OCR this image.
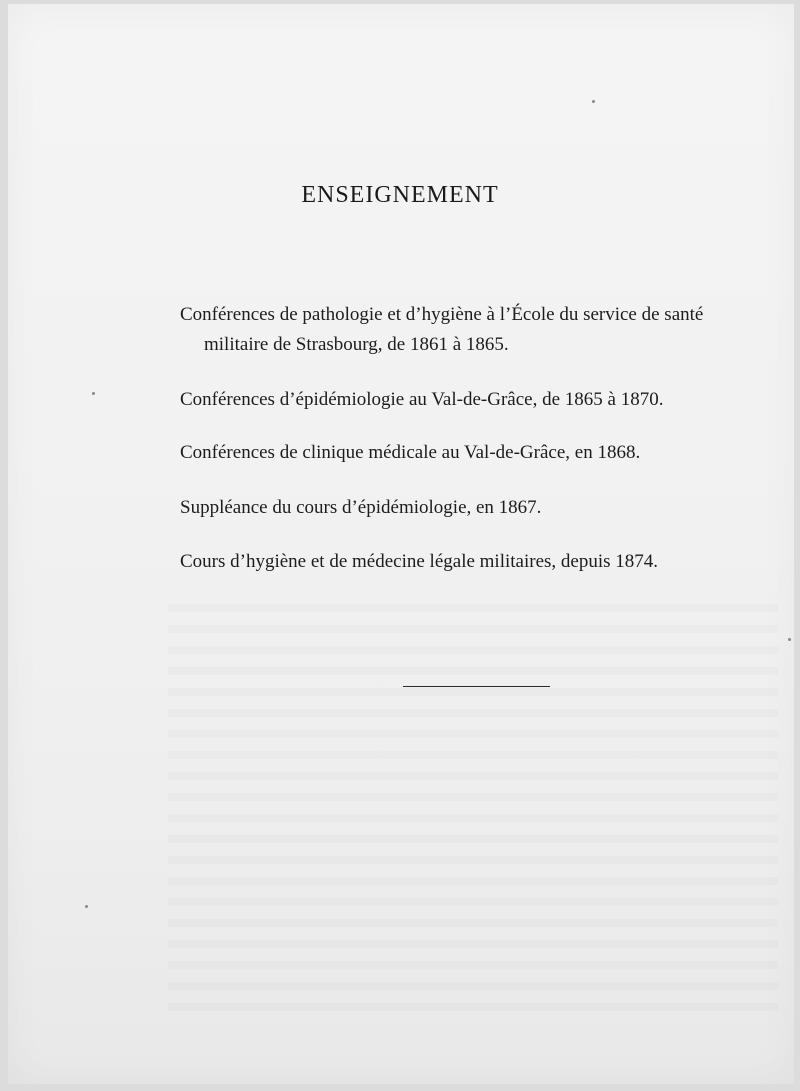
ENSEIGNEMENT
Conférences de pathologie et d’hygiène à l’École du service de santé
militaire de Strasbourg, de 1861 à 1865.
Conférences d’épidémiologie au Val-de-Grâce, de 1865 à 1870.
Conférences de clinique médicale au Val-de-Grâce, en 1868.
Suppléance du cours d’épidémiologie, en 1867.
Cours d’hygiène et de médecine légale militaires, depuis 1874.
